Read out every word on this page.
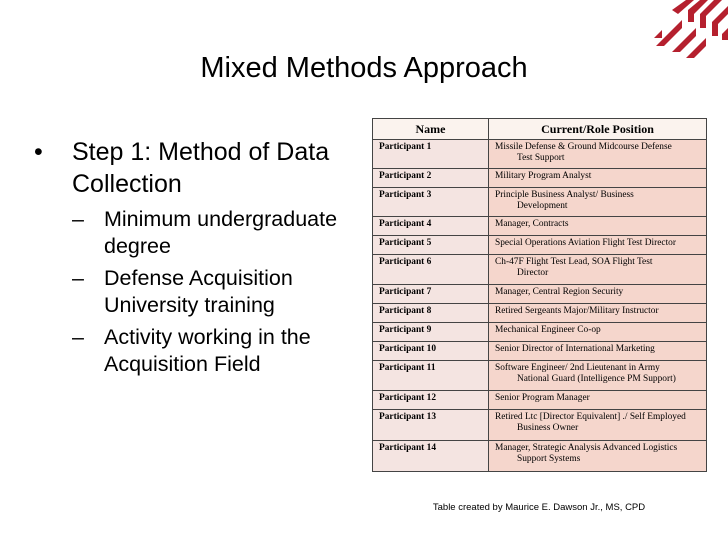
Mixed Methods Approach
• Step 1: Method of Data Collection
– Minimum undergraduate degree
– Defense Acquisition University training
– Activity working in the Acquisition Field
Name	Current/Role Position
Participant 1	Missile Defense & Ground Midcourse Defense
Test Support

Participant 2	Military Program Analyst
Participant 3	Principle Business Analyst/ Business
Development

Participant 4	Manager, Contracts
Participant 5	Special Operations Aviation Flight Test Director
Participant 6	Ch-47F Flight Test Lead, SOA Flight Test
Director

Participant 7	Manager, Central Region Security
Participant 8	Retired Sergeants Major/Military Instructor
Participant 9	Mechanical Engineer Co-op
Participant 10	Senior Director of International Marketing
Participant 11	Software Engineer/ 2nd Lieutenant in Army
National Guard (Intelligence PM Support)

Participant 12	Senior Program Manager
Participant 13	Retired Ltc [Director Equivalent] ./ Self Employed
Business Owner

Participant 14	Manager, Strategic Analysis Advanced Logistics
Support Systems
Table created by Maurice E. Dawson Jr., MS, CPD
